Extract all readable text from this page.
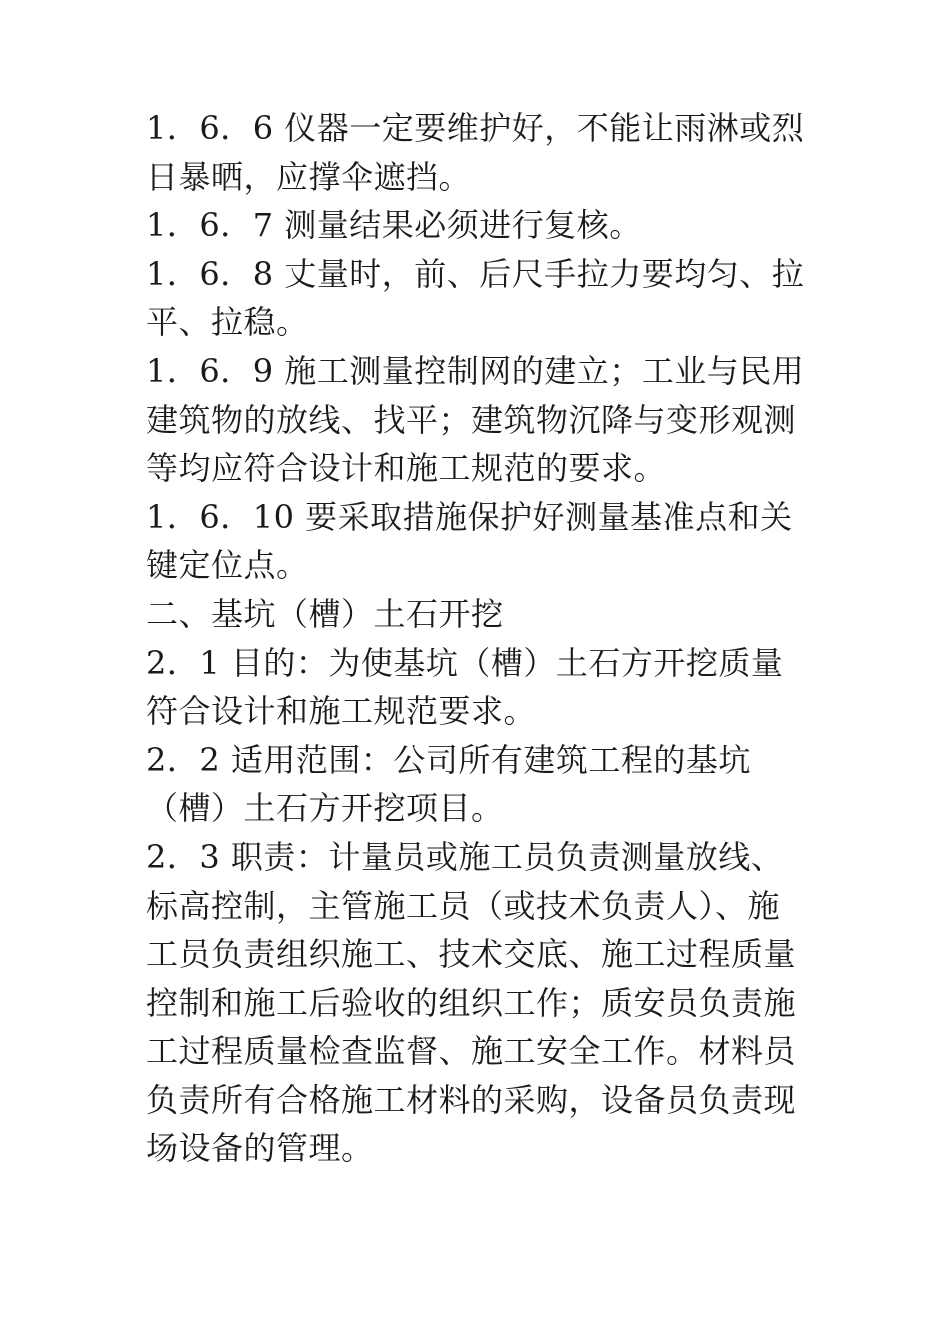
1．6．6 仪器一定要维护好，不能让雨淋或烈日暴晒，应撑伞遮挡。

1．6．7 测量结果必须进行复核。

1．6．8 丈量时，前、后尺手拉力要均匀、拉平、拉稳。

1．6．9 施工测量控制网的建立；工业与民用建筑物的放线、找平；建筑物沉降与变形观测等均应符合设计和施工规范的要求。

1．6．10 要采取措施保护好测量基准点和关键定位点。

二、基坑（槽）土石开挖

2．1 目的：为使基坑（槽）土石方开挖质量符合设计和施工规范要求。

2．2 适用范围：公司所有建筑工程的基坑（槽）土石方开挖项目。

2．3 职责：计量员或施工员负责测量放线、标高控制，主管施工员（或技术负责人）、施工员负责组织施工、技术交底、施工过程质量控制和施工后验收的组织工作；质安员负责施工过程质量检查监督、施工安全工作。材料员负责所有合格施工材料的采购，设备员负责现场设备的管理。
